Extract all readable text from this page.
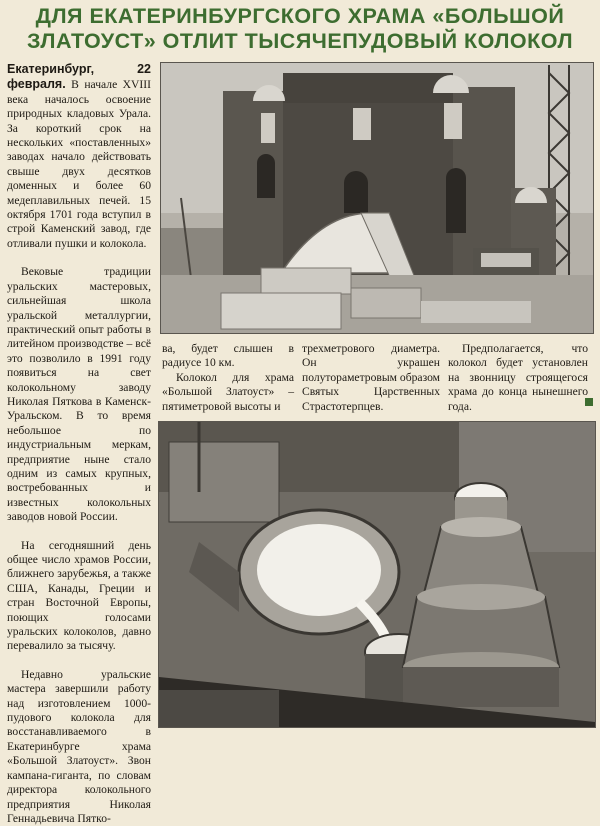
ДЛЯ ЕКАТЕРИНБУРГСКОГО ХРАМА «БОЛЬШОЙ
ЗЛАТОУСТ» ОТЛИТ ТЫСЯЧЕПУДОВЫЙ КОЛОКОЛ

Екатеринбург, 22 февраля. В начале XVIII века началось освоение природных кладовых Урала. За короткий срок на нескольких «поставленных» заводах начало действовать свыше двух десятков доменных и более 60 медеплавильных печей. 15 октября 1701 года вступил в строй Каменский завод, где отливали пушки и колокола.

Вековые традиции уральских мастеровых, сильнейшая школа уральской металлургии, практический опыт работы в литейном производстве – всё это позволило в 1991 году появиться на свет колокольному заводу Николая Пяткова в Каменск-Уральском. В то время небольшое по индустриальным меркам, предприятие ныне стало одним из самых крупных, востребованных и известных колокольных заводов новой России.

На сегодняшний день общее число храмов России, ближнего зарубежья, а также США, Канады, Греции и стран Восточной Европы, поющих голосами уральских колоколов, давно перевалило за тысячу.

Недавно уральские мастера завершили работу над изготовлением 1000-пудового колокола для восстанавливаемого в Екатеринбурге храма «Большой Златоуст». Звон кампана-гиганта, по словам директора колокольного предприятия Николая Геннадьевича Пятко-

ва, будет слышен в радиусе 10 км.

Колокол для храма «Большой Златоуст» – пятиметровой высоты и

трехметрового диаметра. Он украшен полутораметровым образом Святых Царственных Страстотерпцев.

Предполагается, что колокол будет установлен на звонницу строящегося храма до конца нынешнего года.
